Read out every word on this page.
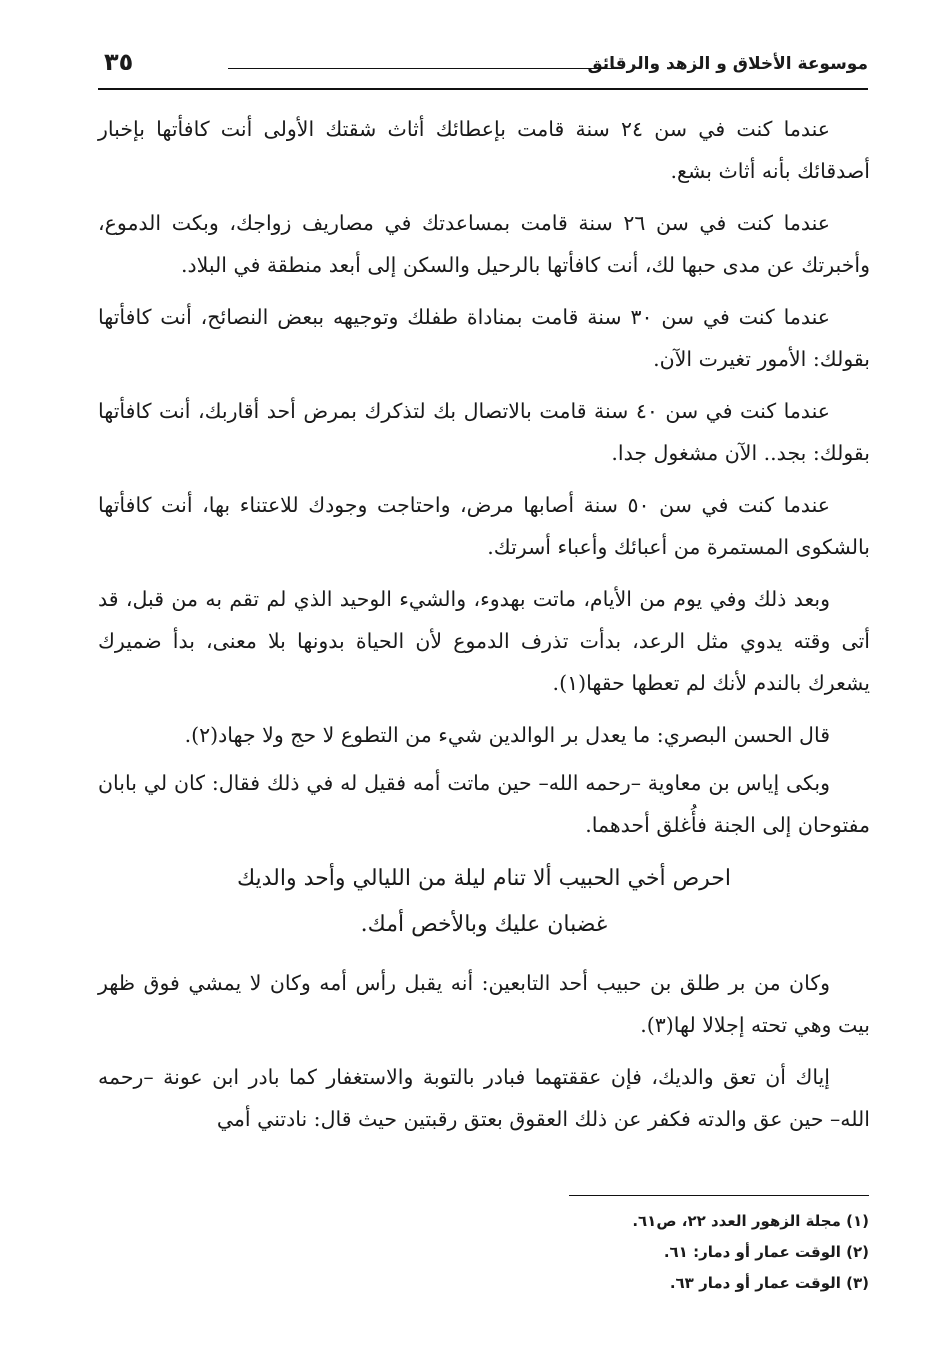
موسوعة الأخلاق و الزهد والرقائق
٣٥

عندما كنت في سن ٢٤ سنة قامت بإعطائك أثاث شقتك الأولى أنت كافأتها بإخبار أصدقائك بأنه أثاث بشع.

عندما كنت في سن ٢٦ سنة قامت بمساعدتك في مصاريف زواجك، وبكت الدموع، وأخبرتك عن مدى حبها لك، أنت كافأتها بالرحيل والسكن إلى أبعد منطقة في البلاد.

عندما كنت في سن ٣٠ سنة قامت بمناداة طفلك وتوجيهه ببعض النصائح، أنت كافأتها بقولك: الأمور تغيرت الآن.

عندما كنت في سن ٤٠ سنة قامت بالاتصال بك لتذكرك بمرض أحد أقاربك، أنت كافأتها بقولك: بجد.. الآن مشغول جدا.

عندما كنت في سن ٥٠ سنة أصابها مرض، واحتاجت وجودك للاعتناء بها، أنت كافأتها بالشكوى المستمرة من أعبائك وأعباء أسرتك.

وبعد ذلك وفي يوم من الأيام، ماتت بهدوء، والشيء الوحيد الذي لم تقم به من قبل، قد أتى وقته يدوي مثل الرعد، بدأت تذرف الدموع لأن الحياة بدونها بلا معنى، بدأ ضميرك يشعرك بالندم لأنك لم تعطها حقها(١).

قال الحسن البصري: ما يعدل بر الوالدين شيء من التطوع لا حج ولا جهاد(٢).

وبكى إياس بن معاوية –رحمه الله– حين ماتت أمه فقيل له في ذلك فقال: كان لي بابان مفتوحان إلى الجنة فأُغلق أحدهما.

احرص أخي الحبيب ألا تنام ليلة من الليالي وأحد والديك
غضبان عليك وبالأخص أمك.

وكان من بر طلق بن حبيب أحد التابعين: أنه يقبل رأس أمه وكان لا يمشي فوق ظهر بيت وهي تحته إجلالا لها(٣).

إياك أن تعق والديك، فإن عققتهما فبادر بالتوبة والاستغفار كما بادر ابن عونة –رحمه الله– حين عق والدته فكفر عن ذلك العقوق بعتق رقبتين حيث قال: نادتني أمي

(١) مجلة الزهور العدد ٢٢، ص٦١.

(٢) الوقت عمار أو دمار: ٦١.

(٣) الوقت عمار أو دمار ٦٣.
